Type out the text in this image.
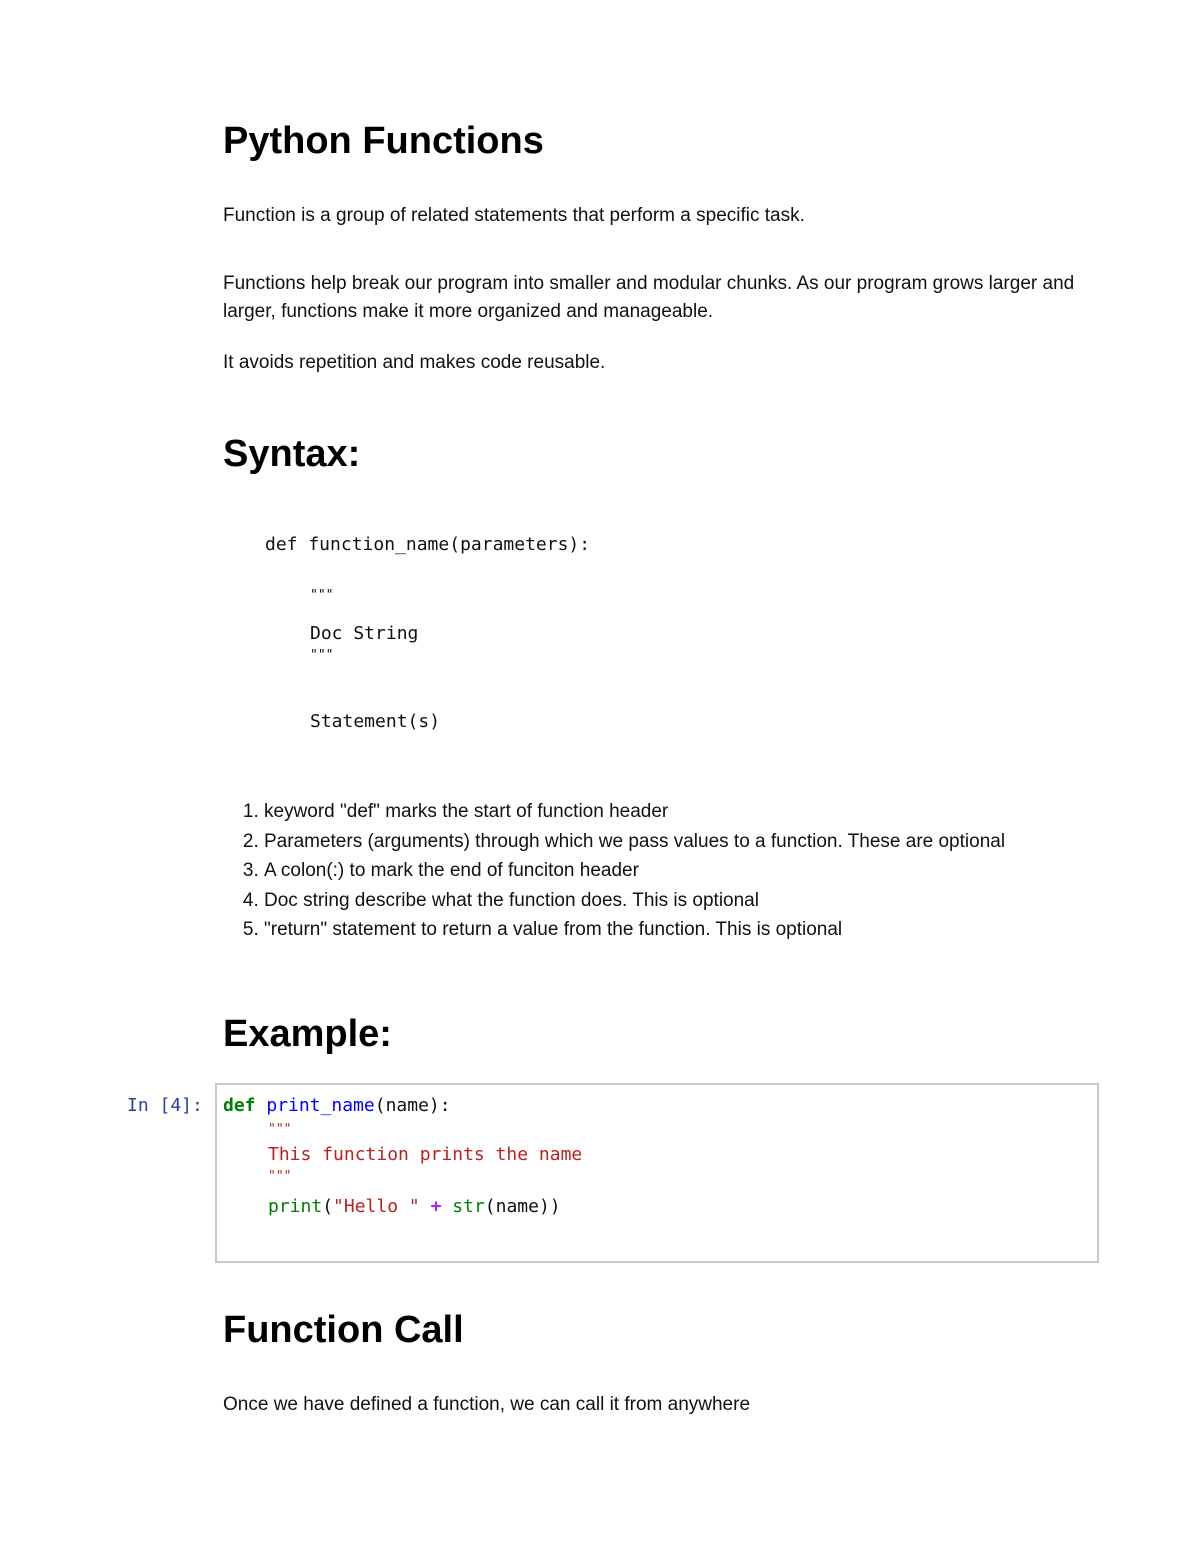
Python Functions

Function is a group of related statements that perform a specific task.

Functions help break our program into smaller and modular chunks. As our program grows larger and larger, functions make it more organized and manageable.

It avoids repetition and makes code reusable.

Syntax:
def function_name(parameters):
"""
Doc String
"""
Statement(s)
1. keyword "def" marks the start of function header
2. Parameters (arguments) through which we pass values to a function. These are optional
3. A colon(:) to mark the end of funciton header
4. Doc string describe what the function does. This is optional
5. "return" statement to return a value from the function. This is optional
Example:
Function Call

Once we have defined a function, we can call it from anywhere

In [4]: def print_name(name):
"""
This function prints the name
"""
print("Hello " + str(name))
